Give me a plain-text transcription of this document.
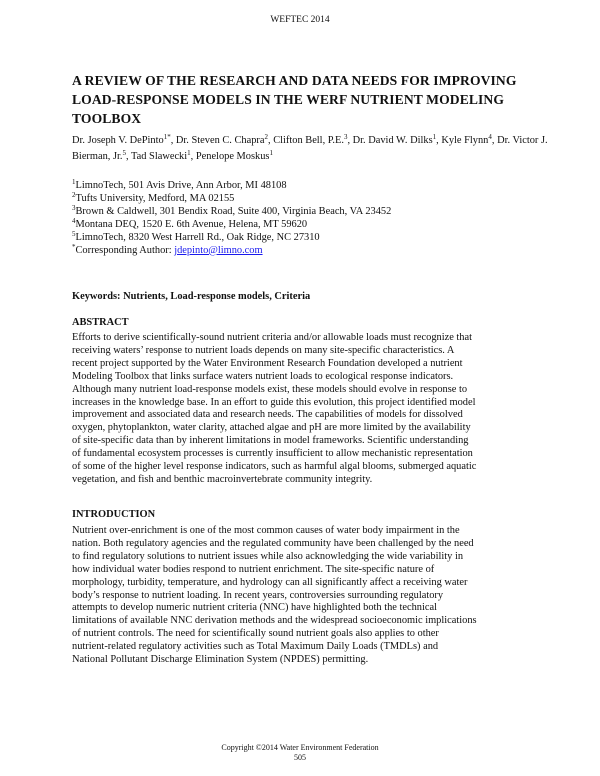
WEFTEC 2014
A REVIEW OF THE RESEARCH AND DATA NEEDS FOR IMPROVING
LOAD-RESPONSE MODELS IN THE WERF NUTRIENT MODELING
TOOLBOX
Dr. Joseph V. DePinto$^{1*}$, Dr. Steven C. Chapra$^2$, Clifton Bell, P.E.$^3$, Dr. David W. Dilks$^1$, Kyle Flynn$^4$, Dr. Victor J. Bierman, Jr.$^5$, Tad Slawecki$^1$, Penelope Moskus$^1$
$^1$LimnoTech, 501 Avis Drive, Ann Arbor, MI 48108
$^2$Tufts University, Medford, MA 02155
$^3$Brown & Caldwell, 301 Bendix Road, Suite 400, Virginia Beach, VA 23452
$^4$Montana DEQ, 1520 E. 6th Avenue, Helena, MT 59620
$^5$LimnoTech, 8320 West Harrell Rd., Oak Ridge, NC 27310
*Corresponding Author: jdepinto@limno.com
Keywords: Nutrients, Load-response models, Criteria
ABSTRACT
Efforts to derive scientifically-sound nutrient criteria and/or allowable loads must recognize that
receiving waters’ response to nutrient loads depends on many site-specific characteristics. A
recent project supported by the Water Environment Research Foundation developed a nutrient
Modeling Toolbox that links surface waters nutrient loads to ecological response indicators.
Although many nutrient load-response models exist, these models should evolve in response to
increases in the knowledge base. In an effort to guide this evolution, this project identified model
improvement and associated data and research needs. The capabilities of models for dissolved
oxygen, phytoplankton, water clarity, attached algae and pH are more limited by the availability
of site-specific data than by inherent limitations in model frameworks. Scientific understanding
of fundamental ecosystem processes is currently insufficient to allow mechanistic representation
of some of the higher level response indicators, such as harmful algal blooms, submerged aquatic
vegetation, and fish and benthic macroinvertebrate community integrity.
INTRODUCTION
Nutrient over-enrichment is one of the most common causes of water body impairment in the
nation. Both regulatory agencies and the regulated community have been challenged by the need
to find regulatory solutions to nutrient issues while also acknowledging the wide variability in
how individual water bodies respond to nutrient enrichment. The site-specific nature of
morphology, turbidity, temperature, and hydrology can all significantly affect a receiving water
body’s response to nutrient loading. In recent years, controversies surrounding regulatory
attempts to develop numeric nutrient criteria (NNC) have highlighted both the technical
limitations of available NNC derivation methods and the widespread socioeconomic implications
of nutrient controls. The need for scientifically sound nutrient goals also applies to other
nutrient-related regulatory activities such as Total Maximum Daily Loads (TMDLs) and
National Pollutant Discharge Elimination System (NPDES) permitting.
Copyright ©2014 Water Environment Federation
505
